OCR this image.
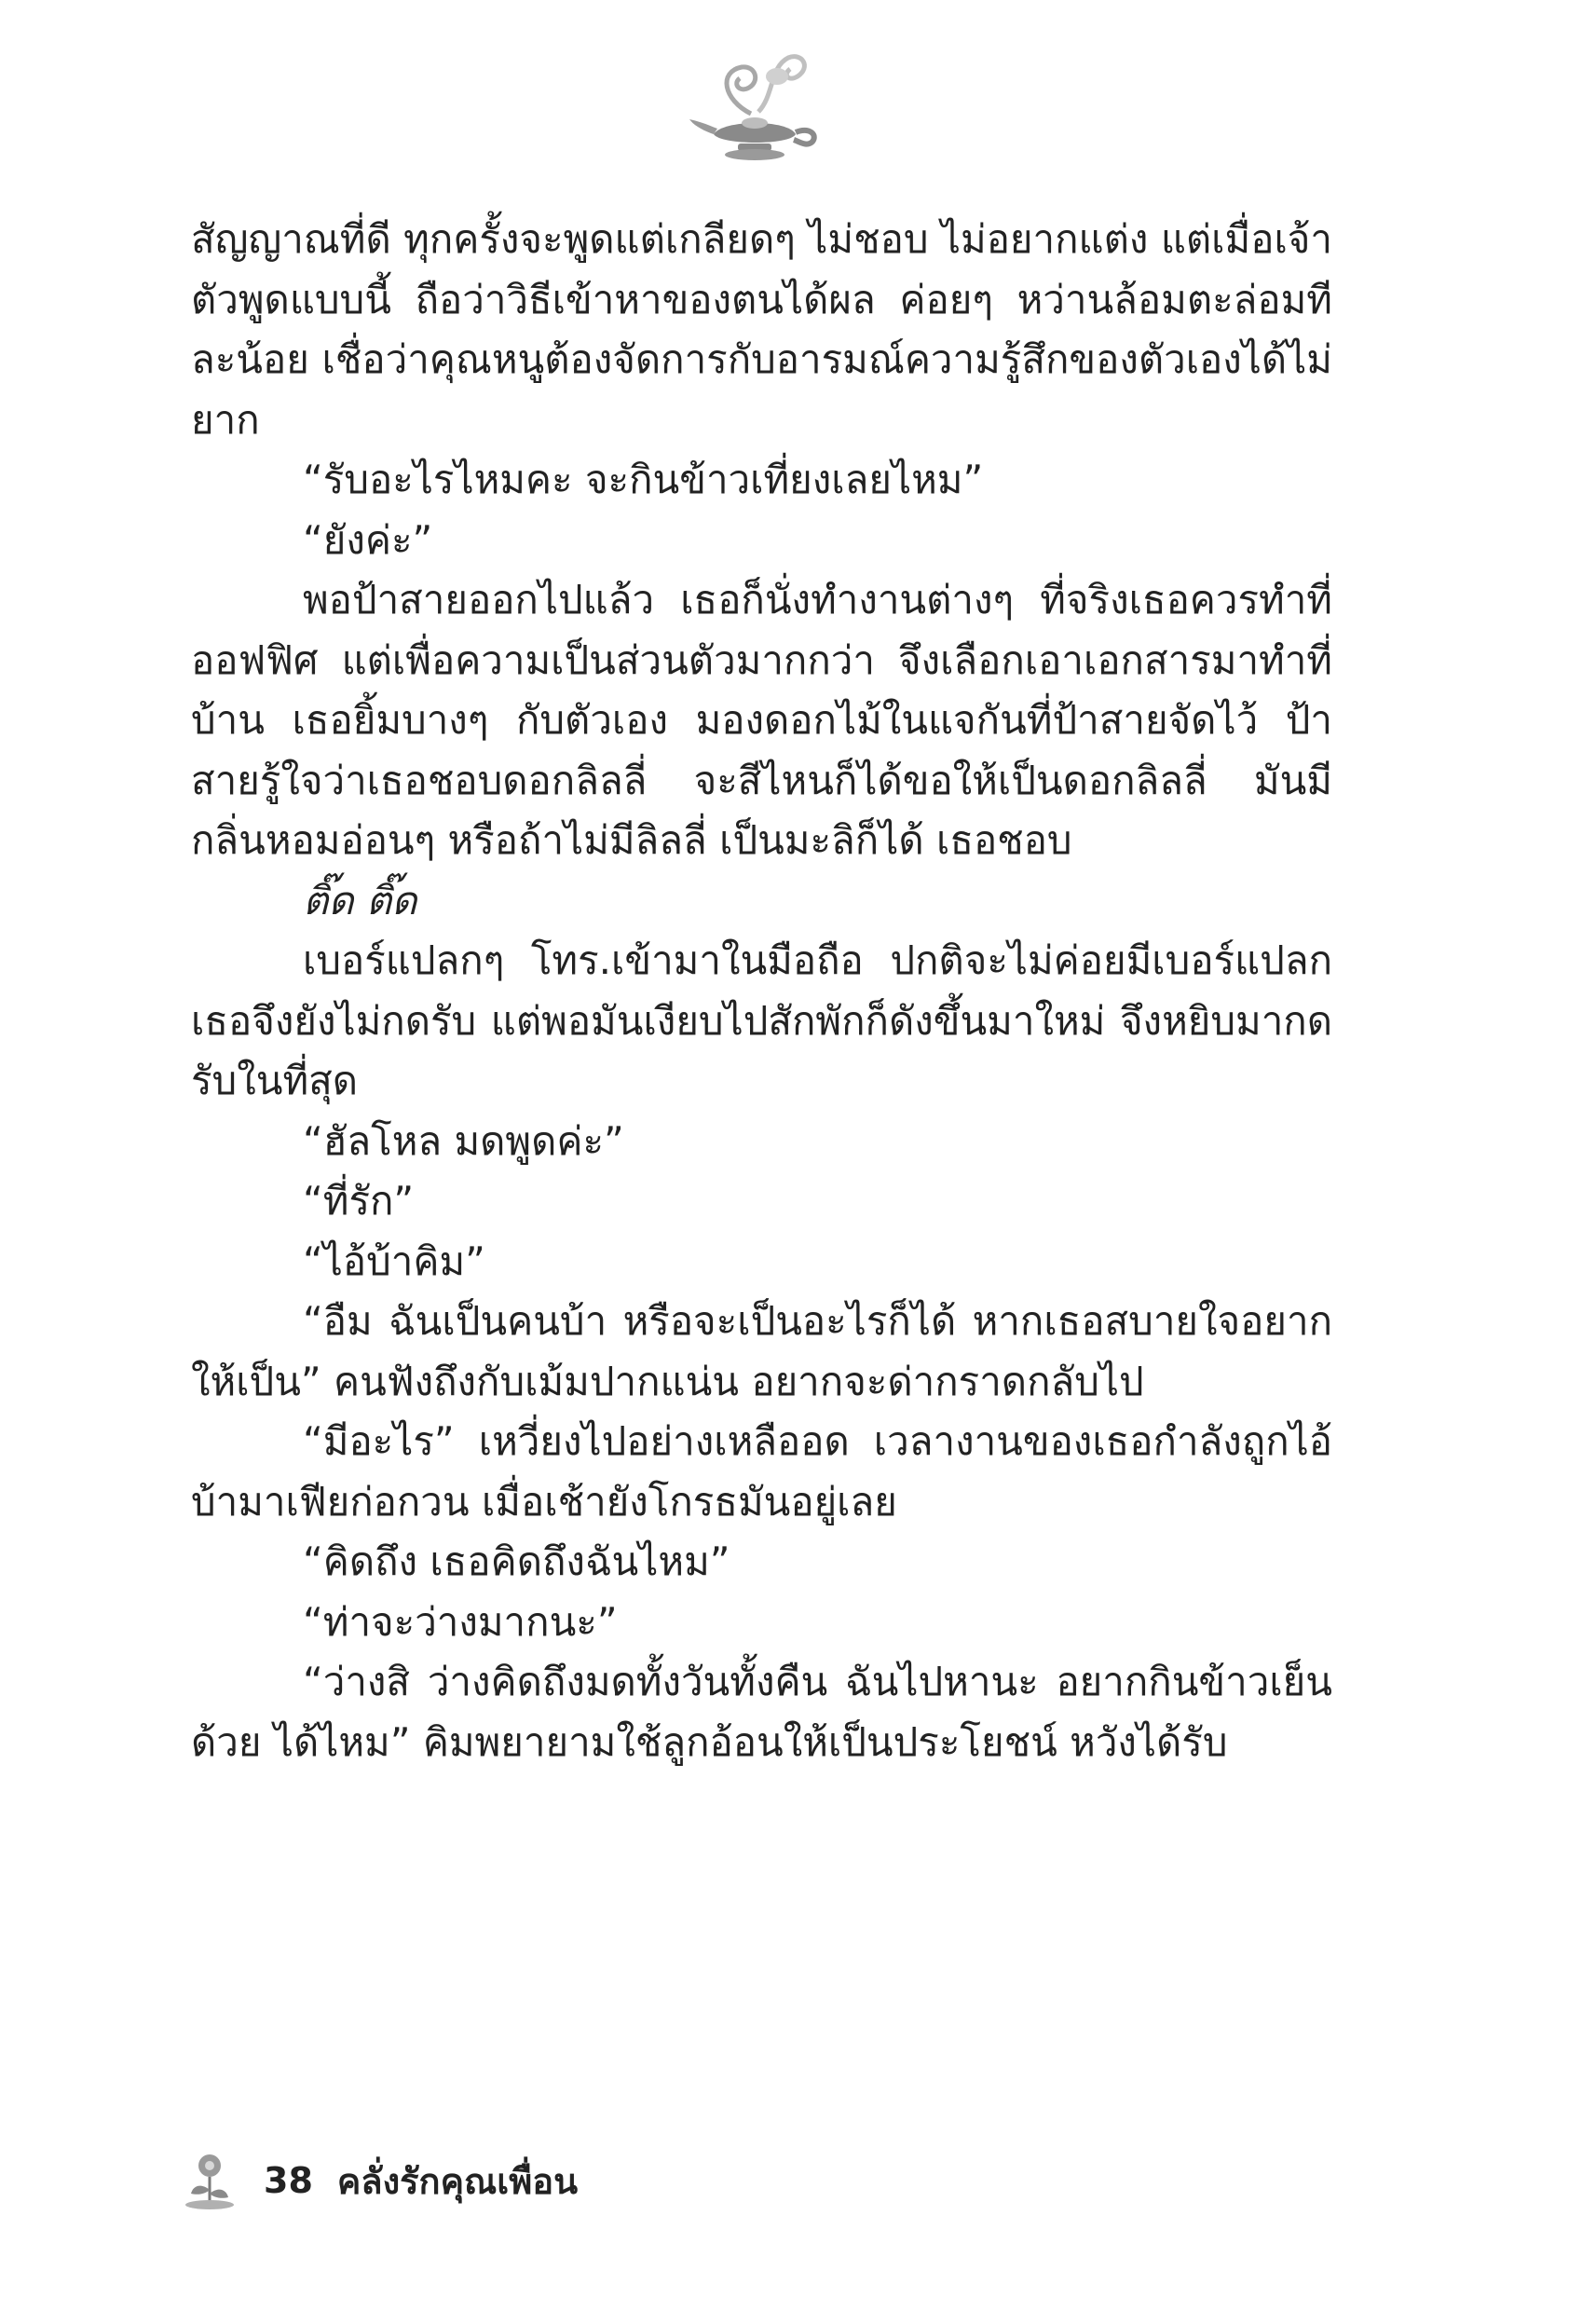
สัญญาณที่ดี ทุกครั้งจะพูดแต่เกลียดๆ ไม่ชอบ ไม่อยากแต่ง แต่เมื่อเจ้าตัวพูดแบบนี้ ถือว่าวิธีเข้าหาของตนได้ผล ค่อยๆ หว่านล้อมตะล่อมทีละน้อย เชื่อว่าคุณหนูต้องจัดการกับอารมณ์ความรู้สึกของตัวเองได้ไม่ยาก

“รับอะไรไหมคะ จะกินข้าวเที่ยงเลยไหม”

“ยังค่ะ”

พอป้าสายออกไปแล้ว เธอก็นั่งทำงานต่างๆ ที่จริงเธอควรทำที่ออฟฟิศ แต่เพื่อความเป็นส่วนตัวมากกว่า จึงเลือกเอาเอกสารมาทำที่บ้าน เธอยิ้มบางๆ กับตัวเอง มองดอกไม้ในแจกันที่ป้าสายจัดไว้ ป้าสายรู้ใจว่าเธอชอบดอกลิลลี่ จะสีไหนก็ได้ขอให้เป็นดอกลิลลี่ มันมีกลิ่นหอมอ่อนๆ หรือถ้าไม่มีลิลลี่ เป็นมะลิก็ได้ เธอชอบ

ติ๊ด ติ๊ด

เบอร์แปลกๆ โทร.เข้ามาในมือถือ ปกติจะไม่ค่อยมีเบอร์แปลก เธอจึงยังไม่กดรับ แต่พอมันเงียบไปสักพักก็ดังขึ้นมาใหม่ จึงหยิบมากดรับในที่สุด

“ฮัลโหล มดพูดค่ะ”

“ที่รัก”

“ไอ้บ้าคิม”

“อืม ฉันเป็นคนบ้า หรือจะเป็นอะไรก็ได้ หากเธอสบายใจอยากให้เป็น” คนฟังถึงกับเม้มปากแน่น อยากจะด่ากราดกลับไป

“มีอะไร” เหวี่ยงไปอย่างเหลืออด เวลางานของเธอกำลังถูกไอ้บ้ามาเฟียก่อกวน เมื่อเช้ายังโกรธมันอยู่เลย

“คิดถึง เธอคิดถึงฉันไหม”

“ท่าจะว่างมากนะ”

“ว่างสิ ว่างคิดถึงมดทั้งวันทั้งคืน ฉันไปหานะ อยากกินข้าวเย็นด้วย ได้ไหม” คิมพยายามใช้ลูกอ้อนให้เป็นประโยชน์ หวังได้รับ

38 คลั่งรักคุณเพื่อน
